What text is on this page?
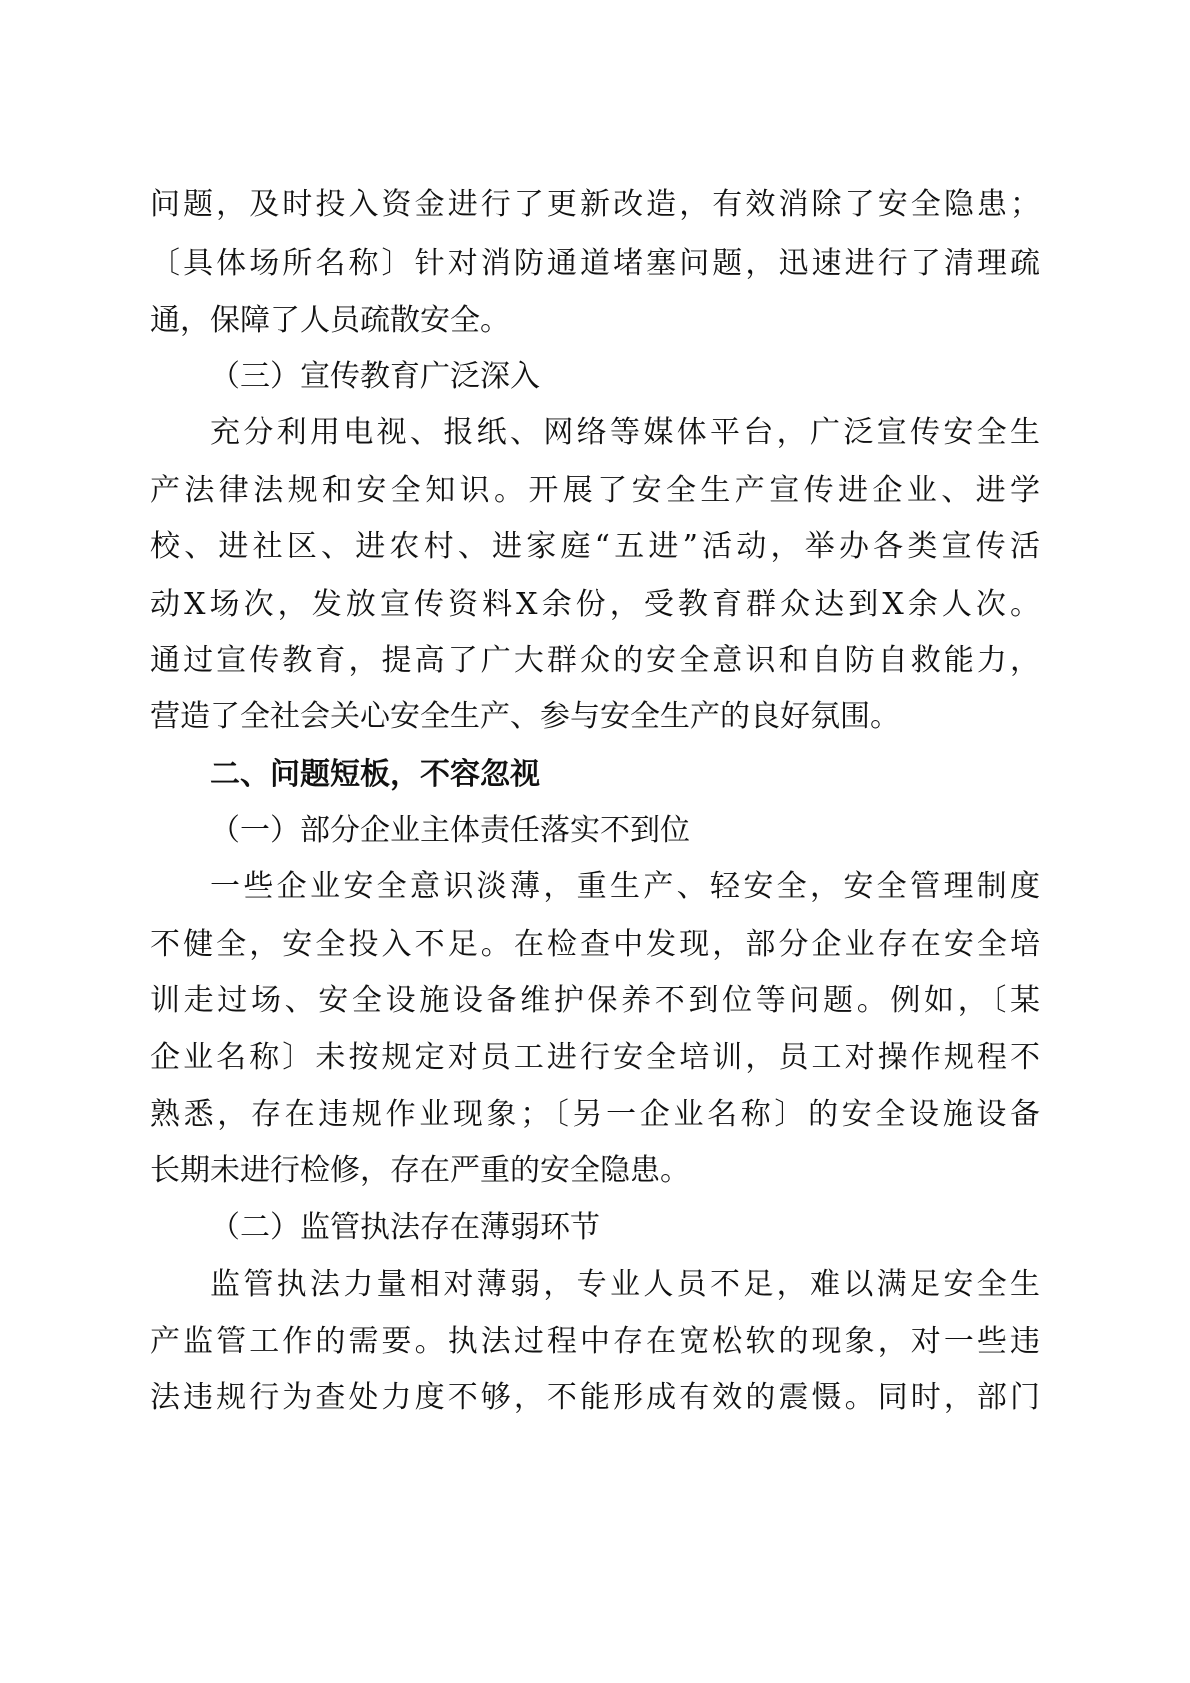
问题，及时投入资金进行了更新改造，有效消除了安全隐患；
〔具体场所名称〕针对消防通道堵塞问题，迅速进行了清理疏
通，保障了人员疏散安全。
（三）宣传教育广泛深入
充分利用电视、报纸、网络等媒体平台，广泛宣传安全生
产法律法规和安全知识。开展了安全生产宣传进企业、进学
校、进社区、进农村、进家庭“五进”活动，举办各类宣传活
动X场次，发放宣传资料X余份，受教育群众达到X余人次。
通过宣传教育，提高了广大群众的安全意识和自防自救能力，
营造了全社会关心安全生产、参与安全生产的良好氛围。
二、问题短板，不容忽视
（一）部分企业主体责任落实不到位
一些企业安全意识淡薄，重生产、轻安全，安全管理制度
不健全，安全投入不足。在检查中发现，部分企业存在安全培
训走过场、安全设施设备维护保养不到位等问题。例如，〔某
企业名称〕未按规定对员工进行安全培训，员工对操作规程不
熟悉，存在违规作业现象；〔另一企业名称〕的安全设施设备
长期未进行检修，存在严重的安全隐患。
（二）监管执法存在薄弱环节
监管执法力量相对薄弱，专业人员不足，难以满足安全生
产监管工作的需要。执法过程中存在宽松软的现象，对一些违
法违规行为查处力度不够，不能形成有效的震慑。同时，部门
